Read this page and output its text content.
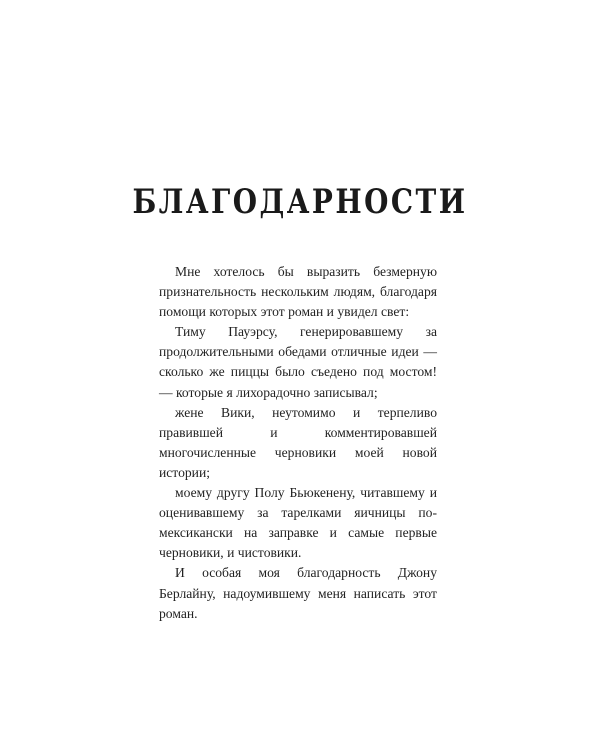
БЛАГОДАРНОСТИ

Мне хотелось бы выразить безмерную признательность нескольким людям, благодаря помощи которых этот роман и увидел свет:

Тиму Пауэрсу, генерировавшему за продолжительными обедами отличные идеи — сколько же пиццы было съедено под мостом! — которые я лихорадочно записывал;

жене Вики, неутомимо и терпеливо правившей и комментировавшей многочисленные черновики моей новой истории;

моему другу Полу Бьюкенену, читавшему и оценивавшему за тарелками яичницы по-мексикански на заправке и самые первые черновики, и чистовики.

И особая моя благодарность Джону Берлайну, надоумившему меня написать этот роман.
